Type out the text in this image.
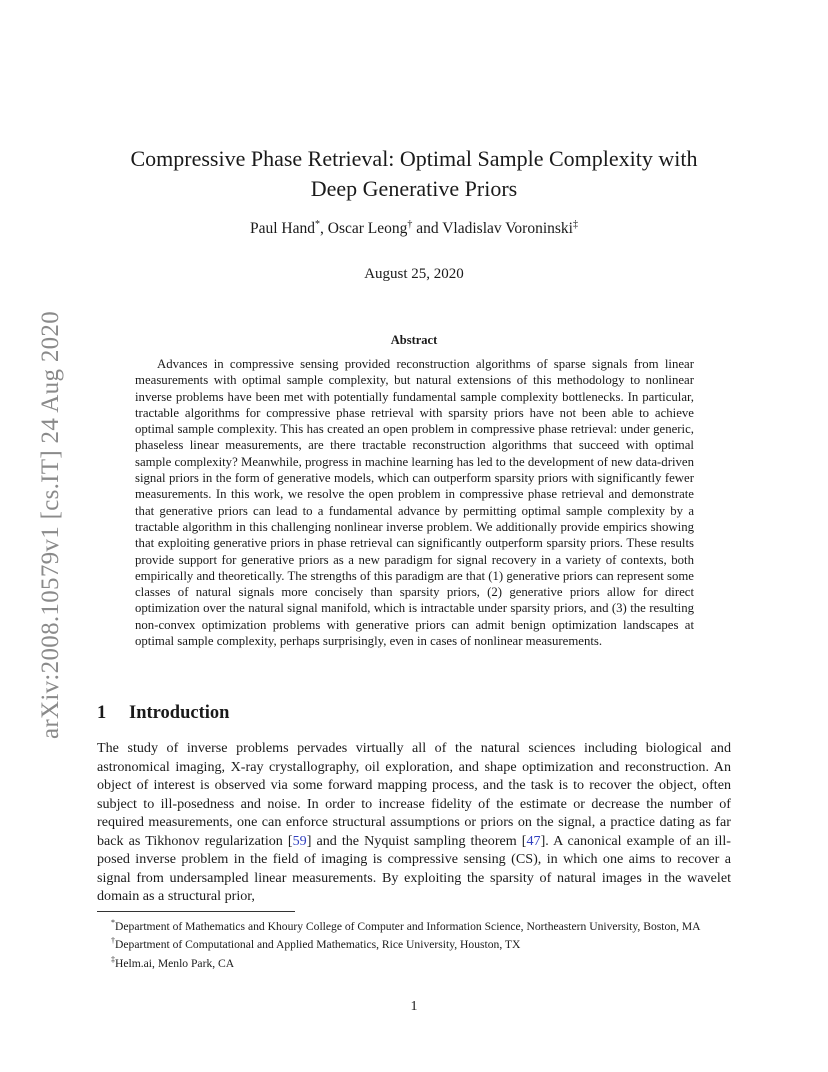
arXiv:2008.10579v1 [cs.IT] 24 Aug 2020
Compressive Phase Retrieval: Optimal Sample Complexity with
Deep Generative Priors
Paul Hand*, Oscar Leong† and Vladislav Voroninski‡
August 25, 2020
Abstract

Advances in compressive sensing provided reconstruction algorithms of sparse signals from linear measurements with optimal sample complexity, but natural extensions of this methodology to nonlinear inverse problems have been met with potentially fundamental sample complexity bottlenecks. In particular, tractable algorithms for compressive phase retrieval with sparsity priors have not been able to achieve optimal sample complexity. This has created an open problem in compressive phase retrieval: under generic, phaseless linear measurements, are there tractable reconstruction algorithms that succeed with optimal sample complexity? Meanwhile, progress in machine learning has led to the development of new data-driven signal priors in the form of generative models, which can outperform sparsity priors with significantly fewer measurements. In this work, we resolve the open problem in compressive phase retrieval and demonstrate that generative priors can lead to a fundamental advance by permitting optimal sample complexity by a tractable algorithm in this challenging nonlinear inverse problem. We additionally provide empirics showing that exploiting generative priors in phase retrieval can significantly outperform sparsity priors. These results provide support for generative priors as a new paradigm for signal recovery in a variety of contexts, both empirically and theoretically. The strengths of this paradigm are that (1) generative priors can represent some classes of natural signals more concisely than sparsity priors, (2) generative priors allow for direct optimization over the natural signal manifold, which is intractable under sparsity priors, and (3) the resulting non-convex optimization problems with generative priors can admit benign optimization landscapes at optimal sample complexity, perhaps surprisingly, even in cases of nonlinear measurements.

1 Introduction

The study of inverse problems pervades virtually all of the natural sciences including biological and astronomical imaging, X-ray crystallography, oil exploration, and shape optimization and reconstruction. An object of interest is observed via some forward mapping process, and the task is to recover the object, often subject to ill-posedness and noise. In order to increase fidelity of the estimate or decrease the number of required measurements, one can enforce structural assumptions or priors on the signal, a practice dating as far back as Tikhonov regularization [59] and the Nyquist sampling theorem [47]. A canonical example of an ill-posed inverse problem in the field of imaging is compressive sensing (CS), in which one aims to recover a signal from undersampled linear measurements. By exploiting the sparsity of natural images in the wavelet domain as a structural prior,

*Department of Mathematics and Khoury College of Computer and Information Science, Northeastern University, Boston, MA

†Department of Computational and Applied Mathematics, Rice University, Houston, TX

‡Helm.ai, Menlo Park, CA

1
